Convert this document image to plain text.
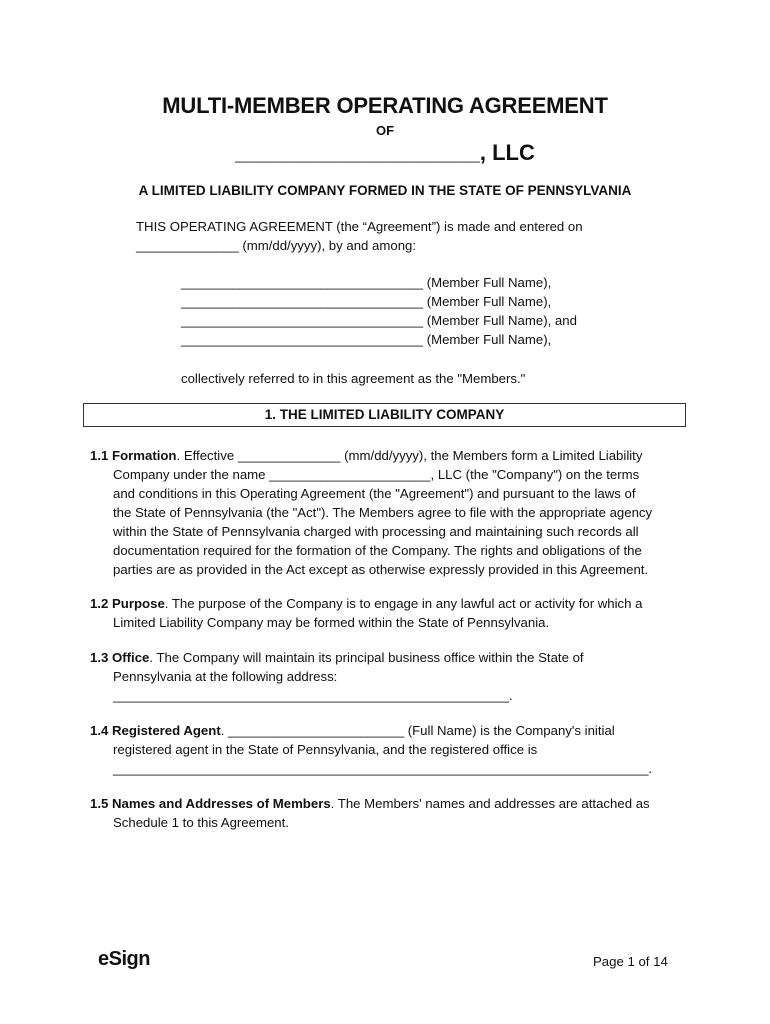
MULTI-MEMBER OPERATING AGREEMENT
OF
____________________, LLC
A LIMITED LIABILITY COMPANY FORMED IN THE STATE OF PENNSYLVANIA
THIS OPERATING AGREEMENT (the “Agreement”) is made and entered on
______________ (mm/dd/yyyy), by and among:
_________________________________ (Member Full Name),
_________________________________ (Member Full Name),
_________________________________ (Member Full Name), and
_________________________________ (Member Full Name),
collectively referred to in this agreement as the "Members."
1. THE LIMITED LIABILITY COMPANY
1.1 Formation. Effective ______________ (mm/dd/yyyy), the Members form a Limited Liability
Company under the name ______________________, LLC (the "Company") on the terms
and conditions in this Operating Agreement (the "Agreement") and pursuant to the laws of
the State of Pennsylvania (the "Act"). The Members agree to file with the appropriate agency
within the State of Pennsylvania charged with processing and maintaining such records all
documentation required for the formation of the Company. The rights and obligations of the
parties are as provided in the Act except as otherwise expressly provided in this Agreement.
1.2 Purpose. The purpose of the Company is to engage in any lawful act or activity for which a
Limited Liability Company may be formed within the State of Pennsylvania.
1.3 Office. The Company will maintain its principal business office within the State of
Pennsylvania at the following address:
______________________________________________________.
1.4 Registered Agent. ________________________ (Full Name) is the Company's initial
registered agent in the State of Pennsylvania, and the registered office is
_________________________________________________________________________.
1.5 Names and Addresses of Members. The Members' names and addresses are attached as
Schedule 1 to this Agreement.
eSign	Page 1 of 14
